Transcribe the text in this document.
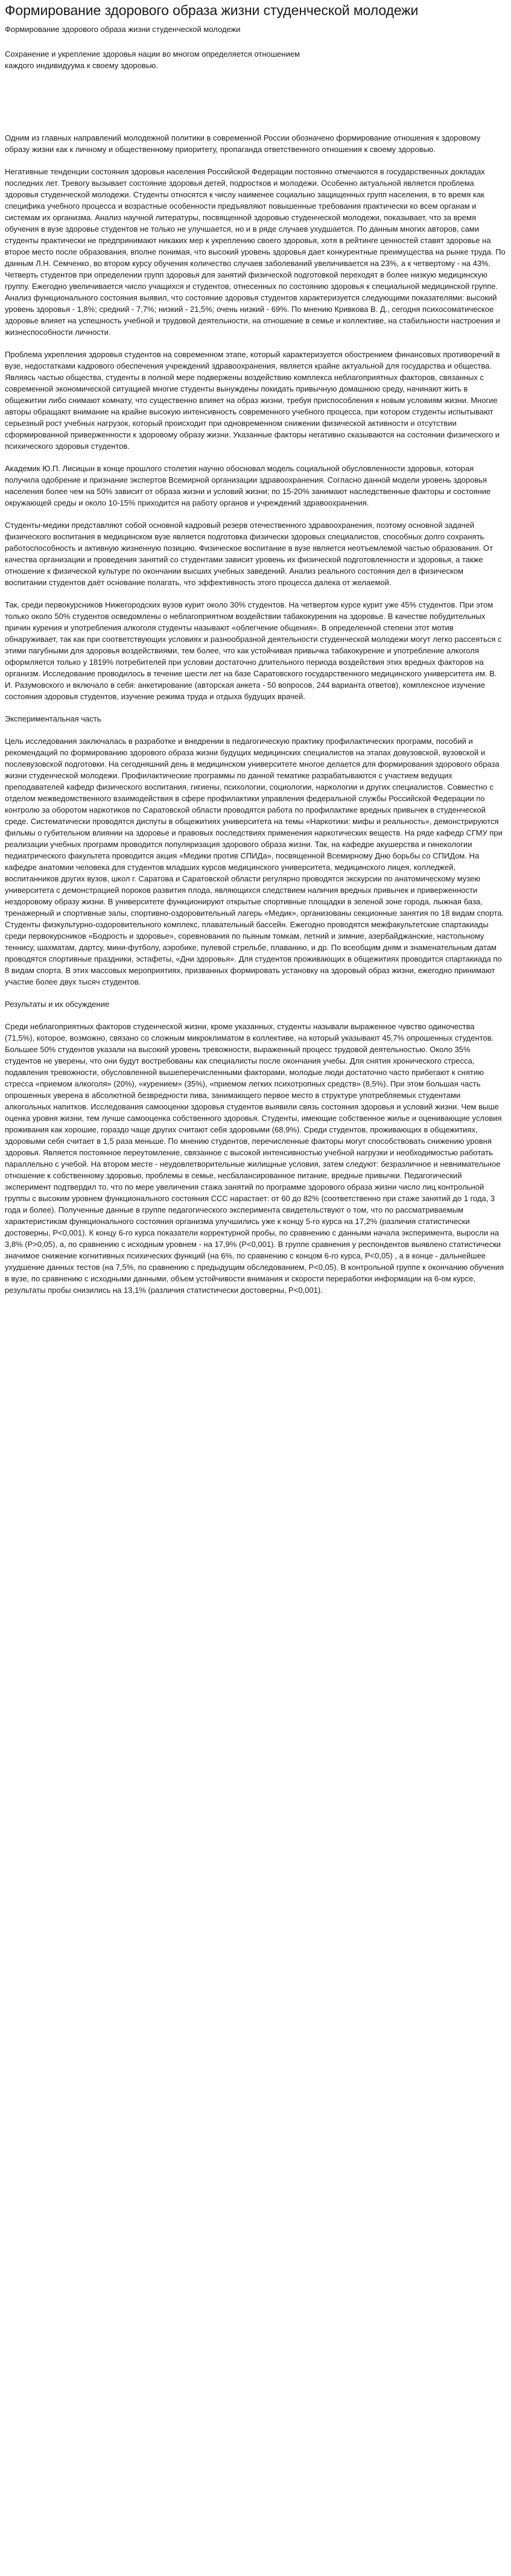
Формирование здорового образа жизни студенческой молодежи
Формирование здорового образа жизни студенческой молодежи
Сохранение и укрепление здоровья нации во многом определяется отношением
каждого индивидуума к своему здоровью.

Одним из главных направлений молодежной политики в современной России обозначено формирование отношения к здоровому образу жизни как к личному и общественному приоритету, пропаганда ответственного отношения к своему здоровью.

Негативные тенденции состояния здоровья населения Российской Федерации постоянно отмечаются в государственных докладах последних лет. Тревогу вызывает состояние здоровья детей, подростков и молодежи. Особенно актуальной является проблема здоровья студенческой молодежи. Студенты относятся к числу наименее социально защищенных групп населения, в то время как специфика учебного процесса и возрастные особенности предъявляют повышенные требования практически ко всем органам и системам их организма. Анализ научной литературы, посвященной здоровью студенческой молодежи, показывает, что за время обучения в вузе здоровье студентов не только не улучшается, но и в ряде случаев ухудшается. По данным многих авторов, сами студенты практически не предпринимают никаких мер к укреплению своего здоровья, хотя в рейтинге ценностей ставят здоровье на второе место после образования, вполне понимая, что высокий уровень здоровья дает конкурентные преимущества на рынке труда. По данным Л.Н. Семченко, во втором курсу обучения количество случаев заболеваний увеличивается на 23%, а к четвертому - на 43%. Четверть студентов при определении групп здоровья для занятий физической подготовкой переходят в более низкую медицинскую группу. Ежегодно увеличивается число учащихся и студентов, отнесенных по состоянию здоровья к специальной медицинской группе. Анализ функционального состояния выявил, что состояние здоровья студентов характеризуется следующими показателями: высокий уровень здоровья - 1,8%; средний - 7,7%; низкий - 21,5%; очень низкий - 69%. По мнению Кривкова В. Д., сегодня психосоматическое здоровье влияет на успешность учебной и трудовой деятельности, на отношение в семье и коллективе, на стабильности настроения и жизнеспособности личности.

Проблема укрепления здоровья студентов на современном этапе, который характеризуется обострением финансовых противоречий в вузе, недостатками кадрового обеспечения учреждений здравоохранения, является крайне актуальной для государства и общества. Являясь частью общества, студенты в полной мере подвержены воздействию комплекса неблагоприятных факторов, связанных с современной экономической ситуацией многие студенты вынуждены покидать привычную домашнюю среду, начинают жить в общежитии либо снимают комнату, что существенно влияет на образ жизни, требуя приспособления к новым условиям жизни. Многие авторы обращают внимание на крайне высокую интенсивность современного учебного процесса, при котором студенты испытывают серьезный рост учебных нагрузок, который происходит при одновременном снижении физической активности и отсутствии сформированной приверженности к здоровому образу жизни. Указанные факторы негативно сказываются на состоянии физического и психического здоровья студентов.

Академик Ю.П. Лисицын в конце прошлого столетия научно обосновал модель социальной обусловленности здоровья, которая получила одобрение и признание экспертов Всемирной организации здравоохранения. Согласно данной модели уровень здоровья населения более чем на 50% зависит от образа жизни и условий жизни; по 15-20% занимают наследственные факторы и состояние окружающей среды и около 10-15% приходится на работу органов и учреждений здравоохранения.

Студенты-медики представляют собой основной кадровый резерв отечественного здравоохранения, поэтому основной задачей физического воспитания в медицинском вузе является подготовка физически здоровых специалистов, способных долго сохранять работоспособность и активную жизненную позицию. Физическое воспитание в вузе является неотъемлемой частью образования. От качества организации и проведения занятий со студентами зависит уровень их физической подготовленности и здоровья, а также отношение к физической культуре по окончании высших учебных заведений. Анализ реального состояния дел в физическом воспитании студентов даёт основание полагать, что эффективность этого процесса далека от желаемой.

Так, среди первокурсников Нижегородских вузов курит около 30% студентов. На четвертом курсе курит уже 45% студентов. При этом только около 50% студентов осведомлены о неблагоприятном воздействии табакокурения на здоровье. В качестве побудительных причин курения и употребления алкоголя студенты называют «облегчение общения». В определенной степени этот мотив обнаруживает, так как при соответствующих условиях и разнообразной деятельности студенческой молодежи могут легко рассеяться с этими пагубными для здоровья воздействиями, тем более, что как устойчивая привычка табакокурение и употребление алкоголя оформляется только у 1819% потребителей при условии достаточно длительного периода воздействия этих вредных факторов на организм. Исследование проводилось в течение шести лет на базе Саратовского государственного медицинского университета им. В. И. Разумовского и включало в себя: анкетирование (авторская анкета - 50 вопросов, 244 варианта ответов), комплексное изучение состояния здоровья студентов, изучение режима труда и отдыха будущих врачей.

Экспериментальная часть

Цель исследования заключалась в разработке и внедрении в педагогическую практику профилактических программ, пособий и рекомендаций по формированию здорового образа жизни будущих медицинских специалистов на этапах довузовской, вузовской и послевузовской подготовки. На сегодняшний день в медицинском университете многое делается для формирования здорового образа жизни студенческой молодежи. Профилактические программы по данной тематике разрабатываются с участием ведущих преподавателей кафедр физического воспитания, гигиены, психологии, социологии, наркологии и других специалистов. Совместно с отделом межведомственного взаимодействия в сфере профилактики управления федеральной службы Российской Федерации по контролю за оборотом наркотиков по Саратовской области проводятся работа по профилактике вредных привычек в студенческой среде. Систематически проводятся диспуты в общежитиях университета на темы «Наркотики: мифы и реальность», демонстрируются фильмы о губительном влиянии на здоровье и правовых последствиях применения наркотических веществ. На ряде кафедр СГМУ при реализации учебных программ проводится популяризация здорового образа жизни. Так, на кафедре акушерства и гинекологии педиатрического факультета проводится акция «Медики против СПИДа», посвященной Всемирному Дню борьбы со СПИДом. На кафедре анатомии человека для студентов младших курсов медицинского университета, медицинского лицея, колледжей, воспитанников других вузов, школ г. Саратова и Саратовской области регулярно проводятся экскурсии по анатомическому музею университета с демонстрацией пороков развития плода, являющихся следствием наличия вредных привычек и приверженности нездоровому образу жизни. В университете функционируют открытые спортивные площадки в зеленой зоне города, лыжная база, тренажерный и спортивные залы, спортивно-оздоровительный лагерь «Медик», организованы секционные занятия по 18 видам спорта. Студенты физкультурно-оздоровительного комплекс, плавательный бассейн. Ежегодно проводятся межфакультетские спартакиады среди первокурсников «Бодрость и здоровье», соревнования по пьяным томкам, летний и зимние, азербайджанские, настольному теннису, шахматам, дартсу, мини-футболу, аэробике, пулевой стрельбе, плаванию, и др. По всеобщим дням и знаменательным датам проводятся спортивные праздники, эстафеты, «Дни здоровья». Для студентов проживающих в общежитиях проводится спартакиада по 8 видам спорта. В этих массовых мероприятиях, призванных формировать установку на здоровый образ жизни, ежегодно принимают участие более двух тысяч студентов.

Результаты и их обсуждение

Среди неблагоприятных факторов студенческой жизни, кроме указанных, студенты называли выраженное чувство одиночества (71,5%), которое, возможно, связано со сложным микроклиматом в коллективе, на который указывают 45,7% опрошенных студентов. Большее 50% студентов указали на высокий уровень тревожности, выраженный процесс трудовой деятельностью. Около 35% студентов не уверены, что они будут востребованы как специалисты после окончания учебы. Для снятия хронического стресса, подавления тревожности, обусловленной вышеперечисленными факторами, молодые люди достаточно часто прибегают к снятию стресса «приемом алкоголя» (20%), «курением» (35%), «приемом легких психотропных средств» (8,5%). При этом большая часть опрошенных уверена в абсолютной безвредности пива, занимающего первое место в структуре употребляемых студентами алкогольных напитков. Исследования самооценки здоровья студентов выявили связь состояния здоровья и условий жизни. Чем выше оценка уровня жизни, тем лучше самооценка собственного здоровья. Студенты, имеющие собственное жилье и оценивающие условия проживания как хорошие, гораздо чаще других считают себя здоровыми (68,9%). Среди студентов, проживающих в общежитиях, здоровыми себя считает в 1,5 раза меньше. По мнению студентов, перечисленные факторы могут способствовать снижению уровня здоровья. Является постоянное переутомление, связанное с высокой интенсивностью учебной нагрузки и необходимостью работать параллельно с учебой. На втором месте - неудовлетворительные жилищные условия, затем следуют: безразличное и невнимательное отношение к собственному здоровью, проблемы в семье, несбалансированное питание, вредные привычки. Педагогический эксперимент подтвердил то, что по мере увеличения стажа занятий по программе здорового образа жизни число лиц контрольной группы с высоким уровнем функционального состояния ССС нарастает: от 60 до 82% (соответственно при стаже занятий до 1 года, 3 года и более). Полученные данные в группе педагогического эксперимента свидетельствуют о том, что по рассматриваемым характеристикам функционального состояния организма улучшились уже к концу 5-го курса на 17,2% (различия статистически достоверны, Р<0,001). К концу 6-го курса показатели корректурной пробы, по сравнению с данными начала эксперимента, выросли на 3,8% (Р>0,05), а, по сравнению с исходным уровнем - на 17,9% (Р<0,001). В группе сравнения у респондентов выявлено статистически значимое снижение когнитивных психических функций (на 6%, по сравнению с концом 6-го курса, Р<0,05) , а в конце - дальнейшее ухудшение данных тестов (на 7,5%, по сравнению с предыдущим обследованием, Р<0,05). В контрольной группе к окончанию обучения в вузе, по сравнению с исходными данными, объем устойчивости внимания и скорости переработки информации на 6-ом курсе, результаты пробы снизились на 13,1% (различия статистически достоверны, Р<0,001).
